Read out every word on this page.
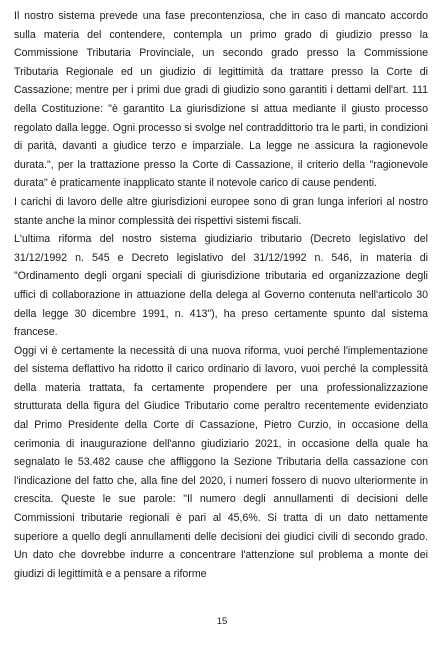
Il nostro sistema prevede una fase precontenziosa, che in caso di mancato accordo sulla materia del contendere, contempla un primo grado di giudizio presso la Commissione Tributaria Provinciale, un secondo grado presso la Commissione Tributaria Regionale ed un giudizio di legittimità da trattare presso la Corte di Cassazione; mentre per i primi due gradi di giudizio sono garantiti i dettami dell'art. 111 della Costituzione: "è garantito La giurisdizione si attua mediante il giusto processo regolato dalla legge. Ogni processo si svolge nel contraddittorio tra le parti, in condizioni di parità, davanti a giudice terzo e imparziale. La legge ne assicura la ragionevole durata.", per la trattazione presso la Corte di Cassazione, il criterio della "ragionevole durata" è praticamente inapplicato stante il notevole carico di cause pendenti.

I carichi di lavoro delle altre giurisdizioni europee sono di gran lunga inferiori al nostro stante anche la minor complessità dei rispettivi sistemi fiscali.

L'ultima riforma del nostro sistema giudiziario tributario (Decreto legislativo del 31/12/1992 n. 545 e Decreto legislativo del 31/12/1992 n. 546, in materia di "Ordinamento degli organi speciali di giurisdizione tributaria ed organizzazione degli uffici di collaborazione in attuazione della delega al Governo contenuta nell'articolo 30 della legge 30 dicembre 1991, n. 413"), ha preso certamente spunto dal sistema francese.

Oggi vi è certamente la necessità di una nuova riforma, vuoi perché l'implementazione del sistema deflattivo ha ridotto il carico ordinario di lavoro, vuoi perché la complessità della materia trattata, fa certamente propendere per una professionalizzazione strutturata della figura del Giudice Tributario come peraltro recentemente evidenziato dal Primo Presidente della Corte di Cassazione, Pietro Curzio, in occasione della cerimonia di inaugurazione dell'anno giudiziario 2021, in occasione della quale ha segnalato le 53.482 cause che affliggono la Sezione Tributaria della cassazione con l'indicazione del fatto che, alla fine del 2020, i numeri fossero di nuovo ulteriormente in crescita. Queste le sue parole: "Il numero degli annullamenti di decisioni delle Commissioni tributarie regionali è pari al 45,6%. Si tratta di un dato nettamente superiore a quello degli annullamenti delle decisioni dei giudici civili di secondo grado. Un dato che dovrebbe indurre a concentrare l'attenzione sul problema a monte dei giudizi di legittimità e a pensare a riforme

15
